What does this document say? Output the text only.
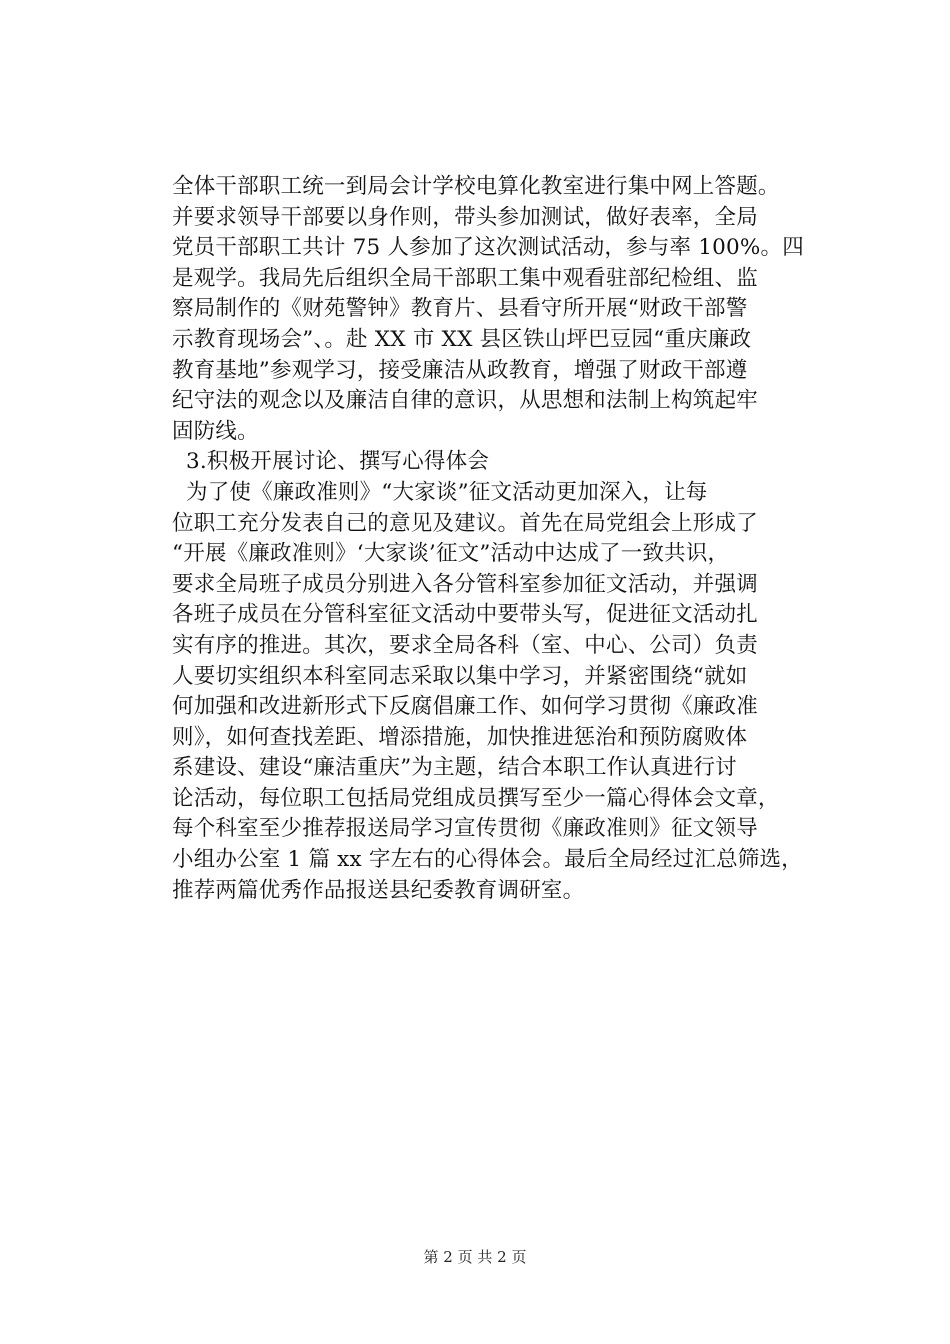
全体干部职工统一到局会计学校电算化教室进行集中网上答题。
并要求领导干部要以身作则，带头参加测试，做好表率，全局
党员干部职工共计 75 人参加了这次测试活动，参与率 100%。四
是观学。我局先后组织全局干部职工集中观看驻部纪检组、监
察局制作的《财苑警钟》教育片、县看守所开展“财政干部警
示教育现场会”、。赴 XX 市 XX 县区铁山坪巴豆园“重庆廉政
教育基地”参观学习，接受廉洁从政教育，增强了财政干部遵
纪守法的观念以及廉洁自律的意识，从思想和法制上构筑起牢
固防线。
3.积极开展讨论、撰写心得体会
为了使《廉政准则》“大家谈”征文活动更加深入，让每
位职工充分发表自己的意见及建议。首先在局党组会上形成了
“开展《廉政准则》‘大家谈’征文”活动中达成了一致共识，
要求全局班子成员分别进入各分管科室参加征文活动，并强调
各班子成员在分管科室征文活动中要带头写，促进征文活动扎
实有序的推进。其次，要求全局各科（室、中心、公司）负责
人要切实组织本科室同志采取以集中学习，并紧密围绕“就如
何加强和改进新形式下反腐倡廉工作、如何学习贯彻《廉政准
则》，如何查找差距、增添措施，加快推进惩治和预防腐败体
系建设、建设“廉洁重庆”为主题，结合本职工作认真进行讨
论活动，每位职工包括局党组成员撰写至少一篇心得体会文章，
每个科室至少推荐报送局学习宣传贯彻《廉政准则》征文领导
小组办公室 1 篇 xx 字左右的心得体会。最后全局经过汇总筛选，
推荐两篇优秀作品报送县纪委教育调研室。
第 2 页 共 2 页
